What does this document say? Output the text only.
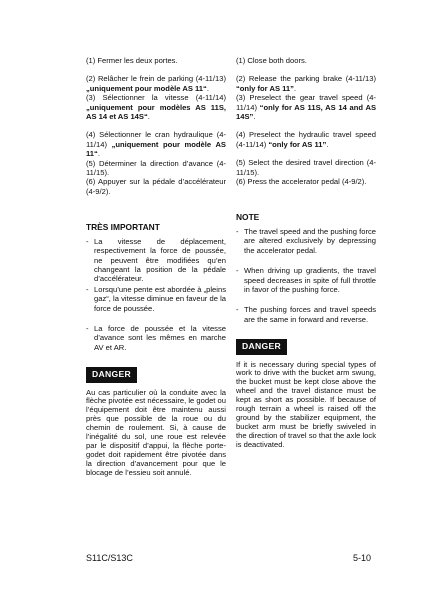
(1) Fermer les deux portes.

(2) Relâcher le frein de parking (4-11/13) „uniquement pour modèle AS 11“.

(3) Sélectionner la vitesse (4-11/14) „uniquement pour modèles AS 11S, AS 14 et AS 14S“.

(4) Sélectionner le cran hydraulique (4-11/14) „uniquement pour modèle AS 11“.

(5) Déterminer la direction d’avance (4-11/15).

(6) Appuyer sur la pédale d’accélérateur (4-9/2).

TRÈS IMPORTANT
- La vitesse de déplacement, respectivement la force de poussée, ne peuvent être modifiées qu’en changeant la position de la pédale d’accélérateur.
- Lorsqu’une pente est abordée à „pleins gaz“, la vitesse diminue en faveur de la force de poussée.
- La force de poussée et la vitesse d’avance sont les mêmes en marche AV et AR.
DANGER
Au cas particulier où la conduite avec la flèche pivotée est nécessaire, le godet ou l’équipement doit être maintenu aussi près que possible de la roue ou du chemin de roulement. Si, à cause de l’inégalité du sol, une roue est relevée par le dispositif d’appui, la flèche porte-godet doit rapidement être pivotée dans la direction d’avancement pour que le blocage de l’essieu soit annulé.

(1) Close both doors.

(2) Release the parking brake (4-11/13) “only for AS 11”.

(3) Preselect the gear travel speed (4-11/14) “only for AS 11S, AS 14 and AS 14S”.

(4) Preselect the hydraulic travel speed (4-11/14) “only for AS 11”.

(5) Select the desired travel direction (4-11/15).

(6) Press the accelerator pedal (4-9/2).

NOTE
- The travel speed and the pushing force are altered exclusively by depressing the accelerator pedal.
- When driving up gradients, the travel speed decreases in spite of full throttle in favor of the pushing force.
- The pushing forces and travel speeds are the same in forward and reverse.
DANGER
If it is necessary during special types of work to drive with the bucket arm swung, the bucket must be kept close above the wheel and the travel distance must be kept as short as possible. If because of rough terrain a wheel is raised off the ground by the stabilizer equipment, the bucket arm must be briefly swiveled in the direction of travel so that the axle lock is deactivated.
S11C/S13C	5-10
